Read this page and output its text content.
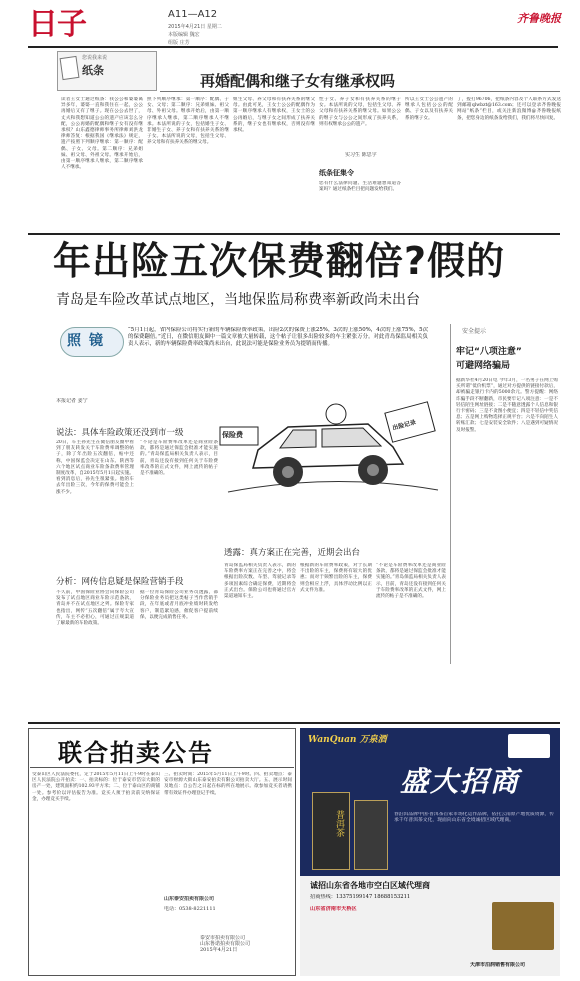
日子	A11—A12
2015年4月21日 星期二
本版编辑 魏宏
组版 庄芳
齐鲁晚报
您说我来说
纸条
再婚配偶和继子女有继承权吗
读者王女士通过纸条：我公公和婆婆离异多年，婆婆一直和我住在一起，公公再婚后又有了继子。现在公公去世了，丈夫和我想知道公公的遗产应该怎么分配，公公再婚的配偶和继子女有没有继承权？山东鑫德律师事务所律师刘洪龙律师答复：根据我国《继承法》规定，遗产按照下列顺序继承：第一顺序：配偶、子女、父母。第二顺序：兄弟姐妹、祖父母、外祖父母。继承开始后，由第一顺序继承人继承，第二顺序继承人不继承。
照下列顺序继承：第一顺序：配偶、子女、父母；第二顺序：兄弟姐妹、祖父母、外祖父母。继承开始后，由第一顺序继承人继承，第二顺序继承人不继承。本法所说的子女，包括婚生子女、非婚生子女、养子女和有扶养关系的继子女。本法所说的父母，包括生父母、养父母和有扶养关系的继父母。
姐生父母、养父母和有扶养关系的继父母。由此可见，王女士公公的配偶作为第一顺序继承人有继承权，王女士的公公再婚后，与继子女之间形成了扶养关系的，继子女也有继承权，否则没有继承权。
性子女、养子女和有扶养关系的继子女。本法所说的父母，包括生父母、养父母和有扶养关系的继父母。如果公公的继子女与公公之间形成了扶养关系，则有权继承公公的遗产。
实习生 陈思宇
纸条征集令
您有什么法律问题、生活难题想知道答案吗？通过纸条栏目把问题发给我们。
所以王女士公公遗产的继承人包括公公的配偶、子女以及有扶养关系的继子女。
了，拨打96706，把纸条内容及个人联系方式发送到邮箱qlwbzt@163.com；还可以登录齐鲁晚报网站“纸条”栏目，或关注新浪微博@齐鲁晚报纸条，把您身边的纸条发给我们，我们将尽快回复。
年出险五次保费翻倍?假的
青岛是车险改革试点地区，当地保监局称费率新政尚未出台
照镜
“5月1日起，省内保险公司将实行新的车辆保险费率政策，出险2次的保费上涨25%，3次的上涨50%，4次的上涨75%，5次的保费翻倍。”近日，在微信朋友圈中一篇文章被大量转载，这个帖子让很多出险较多的车主紧张万分。对此青岛保监局相关负责人表示，新的车辆保险费率政策尚未出台，此说法可能是保险业务员为提销而传播。
安全提示
牢记“八项注意”
可避网络骗局
据新华社4月20日电 今年3月，一名男子在网上购买所谓“低价机票”，通过对方提供的链接付款后，却被骗走银行卡内的5000余元。警方提醒：网络诈骗手段不断翻新，市民要牢记八项注意：一是不轻信陌生网址链接；二是不随意透露个人信息和银行卡密码；三是不贪图小便宜；四是不轻信中奖信息；五是网上购物选择正规平台；六是不向陌生人转账汇款；七是安装安全软件；八是遇到可疑情况及时报警。
本报记者 姜宁
保险费
出险记录
说法：具体车险政策还没到市一级
20日，车主孙先生在微信朋友圈中看到了朋友转发关于车险费率调整的帖子，除了年出险五次翻倍，帖中还称，中国保监会决定在山东、陕西等六个地区试点商业车险条款费率管理制度改革，自2015年5月1日起实施。看到消息后，孙先生很紧张。他的车去年出险三次，今年的保费可能会上涨不少。
“不论是车险费率改革还是商业险条款，都将是通过保监会批准才能实施的。”青岛保监局相关负责人表示，目前，青岛还没有接到任何关于车险费率改革的正式文件，网上流传的帖子是不准确的。
透露：真方案正在完善，近期会出台
分析：网传信息疑是保险营销手段
不久前，中国保险业协会向保险公司发布了试点地区商业车险示范条款，青岛并不在试点地区之列。保险专家也指出，网传“五次翻倍”属于夸大宣传，车主不必担心，可通过正规渠道了解最新的车险政策。
据一位青岛保险公司业务员透露，部分保险业务员把这类帖子当作营销手段，在年底或者月底冲业绩时转发给客户，制造紧迫感，催促客户提前续保，以便完成销售任务。
青岛保监局相关负责人表示，新的车险费率方案正在完善之中，将会根据出险次数、车型、驾驶记录等多项因素综合确定保费，近期将会正式出台。保险公司也将通过官方渠道通知车主。
根据新的车险费率政策，对于长期不出险的车主，保费将有较大的优惠；而对于频繁出险的车主，保费则会相应上浮，具体浮动比例以正式文件为准。
“不论是车险费率改革还是商业险条款，都将是通过保监会批准才能实施的。”青岛保监局相关负责人表示，目前，青岛还没有接到任何关于车险费率改革的正式文件，网上流传的帖子是不准确的。
联合拍卖公告
受泰山区人民法院委托，定于2015年5月11日上午9时在泰山区人民法院公开拍卖：一、拍卖标的：位于泰安市岱宗大街的房产一处，建筑面积约102.93平方米；二、位于泰山区的商铺一处。参考价以评估报告为准。竞买人须于拍卖前交纳保证金，办理竞买手续。
三、拍卖时间：2015年5月11日上午9时。四、拍卖地点：泰安市财源大街山东泰安拍卖有限公司拍卖大厅。五、展示时间及地点：自公告之日起在标的所在地展示。欲参加竞买者请携带有效证件办理登记手续。
山东泰安拍卖有限公司
电话：0538-8221111
泰安市拍卖有限公司
山东鲁诺拍卖有限公司
2015年4月21日
WanQuan 万泉酒
盛大招商
普洱茶	春泊洱品牌中国·普洱茶首家市场化运作品牌，依托云南原产地优质资源，传承千年普洱茶文化，现面向山东省全境诚招区域代理商。
诚招山东省各地市空白区域代理商
招商热线：13375199147 18688153211
山东省济南市天桥区
天津市泊润销售有限公司
